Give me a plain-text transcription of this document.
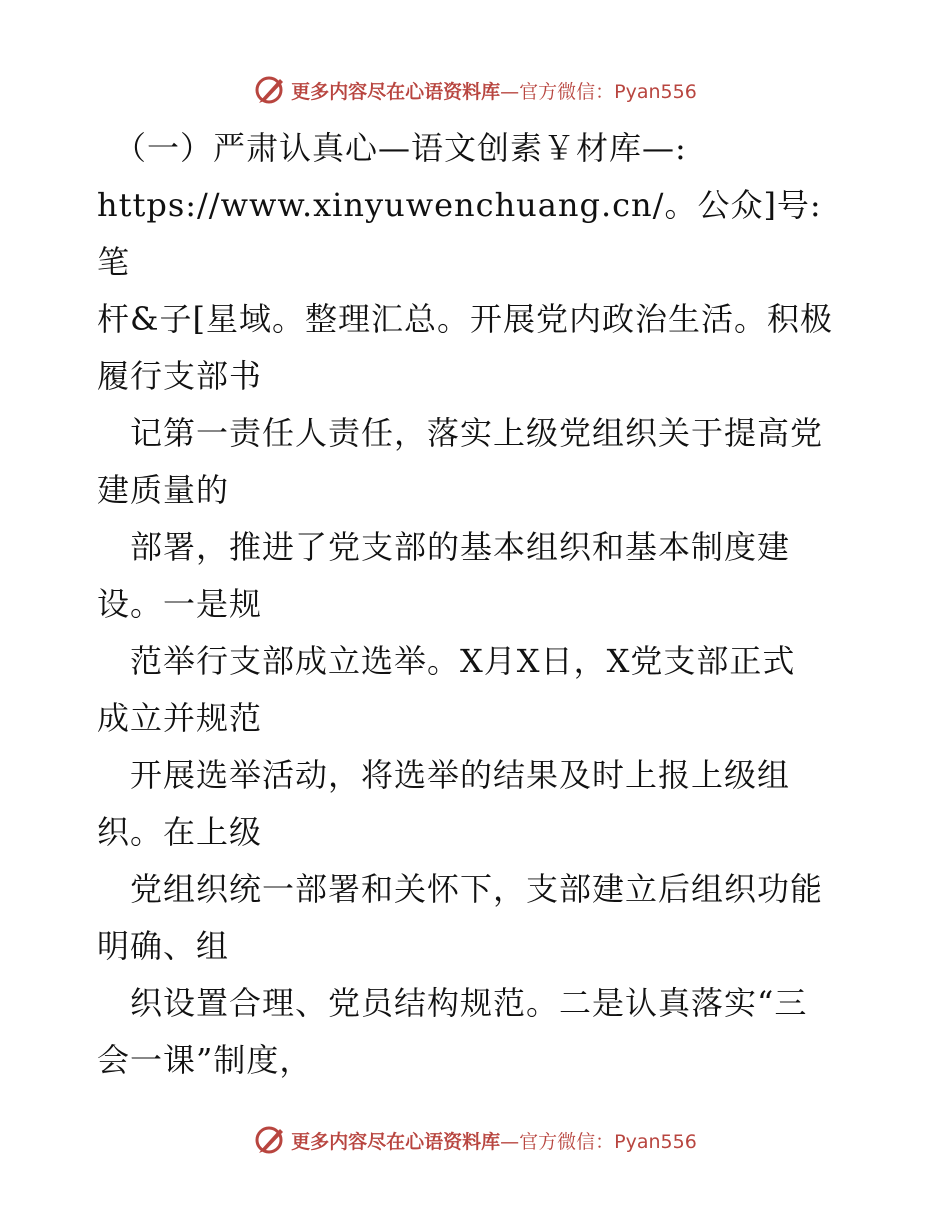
更多内容尽在心语资料库 —官方微信：Pyan556

　（一）严肃认真心—语文创素￥材库—:

https://www.xinyuwenchuang.cn/。公众]号: 笔

杆&子[星域。整理汇总。开展党内政治生活。积极

履行支部书

　记第一责任人责任，落实上级党组织关于提高党

建质量的

　部署，推进了党支部的基本组织和基本制度建

设。一是规

　范举行支部成立选举。X月X日，X党支部正式

成立并规范

　开展选举活动，将选举的结果及时上报上级组

织。在上级

　党组织统一部署和关怀下，支部建立后组织功能

明确、组

　织设置合理、党员结构规范。二是认真落实“三

会一课”制度，

更多内容尽在心语资料库 —官方微信：Pyan556
